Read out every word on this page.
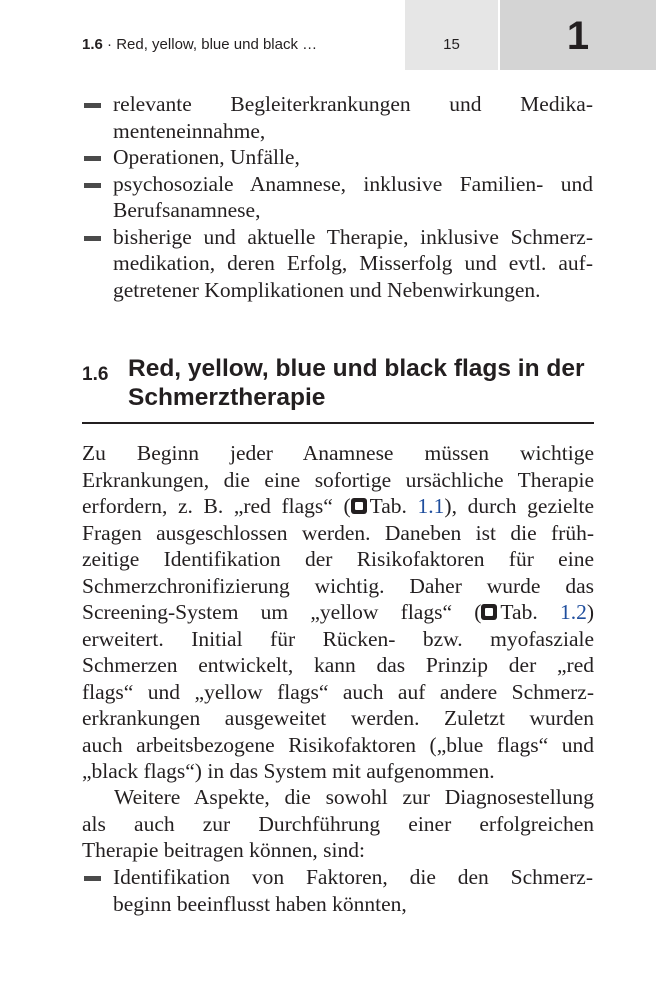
1.6 · Red, yellow, blue und black …	15	1
relevante Begleiterkrankungen und Medika-
menteneinnahme,
Operationen, Unfälle,
psychosoziale Anamnese, inklusive Familien- und
Berufsanamnese,
bisherige und aktuelle Therapie, inklusive Schmerz-
medikation, deren Erfolg, Misserfolg und evtl. auf-
getretener Komplikationen und Nebenwirkungen.
1.6 Red, yellow, blue und black flags in der
Schmerztherapie
Zu Beginn jeder Anamnese müssen wichtige
Erkrankungen, die eine sofortige ursächliche Therapie
erfordern, z. B. „red flags“ ( Tab. 1.1), durch gezielte
Fragen ausgeschlossen werden. Daneben ist die früh-
zeitige Identifikation der Risikofaktoren für eine
Schmerzchronifizierung wichtig. Daher wurde das
Screening-System um „yellow flags“ ( Tab. 1.2)
erweitert. Initial für Rücken- bzw. myofasziale
Schmerzen entwickelt, kann das Prinzip der „red
flags“ und „yellow flags“ auch auf andere Schmerz-
erkrankungen ausgeweitet werden. Zuletzt wurden
auch arbeitsbezogene Risikofaktoren („blue flags“ und
„black flags“) in das System mit aufgenommen.
Weitere Aspekte, die sowohl zur Diagnosestellung
als auch zur Durchführung einer erfolgreichen
Therapie beitragen können, sind:
Identifikation von Faktoren, die den Schmerz-
beginn beeinflusst haben könnten,
